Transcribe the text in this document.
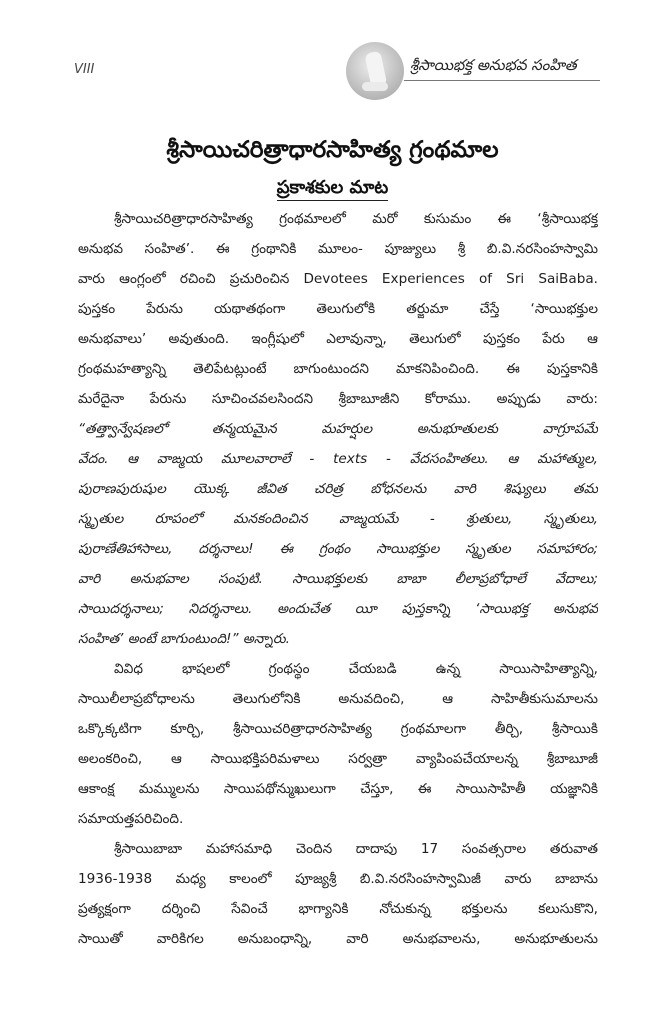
VIII	శ్రీసాయిభక్త అనుభవ సంహిత
శ్రీసాయిచరిత్రాధారసాహిత్య గ్రంథమాల
ప్రకాశకుల మాట
శ్రీసాయిచరిత్రాధారసాహిత్య గ్రంథమాలలో మరో కుసుమం ఈ ‘శ్రీసాయిభక్త
అనుభవ సంహిత’. ఈ గ్రంథానికి మూలం- పూజ్యులు శ్రీ బి.వి.నరసింహస్వామి
వారు ఆంగ్లంలో రచించి ప్రచురించిన Devotees Experiences of Sri SaiBaba.
పుస్తకం పేరును యథాతథంగా తెలుగులోకి తర్జుమా చేస్తే ‘సాయిభక్తుల
అనుభవాలు’ అవుతుంది. ఇంగ్లీషులో ఎలావున్నా, తెలుగులో పుస్తకం పేరు ఆ
గ్రంథమహత్యాన్ని తెలిపేటట్లుంటే బాగుంటుందని మాకనిపించింది. ఈ పుస్తకానికి
మరేదైనా పేరును సూచించవలసిందని శ్రీబాబూజీని కోరాము. అప్పుడు వారు:
“తత్త్వాన్వేషణలో తన్మయమైన మహర్షుల అనుభూతులకు వాగ్రూపమే
వేదం. ఆ వాఙ్మయ మూలవారాలే - texts - వేదసంహితలు. ఆ మహాత్ముల,
పురాణపురుషుల యొక్క జీవిత చరిత్ర బోధనలను వారి శిష్యులు తమ
స్మృతుల రూపంలో మనకందించిన వాఙ్మయమే - శ్రుతులు, స్మృతులు,
పురాణేతిహాసాలు, దర్శనాలు! ఈ గ్రంథం సాయిభక్తుల స్మృతుల సమాహారం;
వారి అనుభవాల సంపుటి. సాయిభక్తులకు బాబా లీలాప్రబోధాలే వేదాలు;
సాయిదర్శనాలు; నిదర్శనాలు. అందుచేత యీ పుస్తకాన్ని ‘సాయిభక్త అనుభవ
సంహిత’ అంటే బాగుంటుంది!” అన్నారు.
వివిధ భాషలలో గ్రంథస్థం చేయబడి ఉన్న సాయిసాహిత్యాన్ని,
సాయిలీలాప్రబోధాలను తెలుగులోనికి అనువదించి, ఆ సాహితీకుసుమాలను
ఒక్కొక్కటిగా కూర్చి, శ్రీసాయిచరిత్రాధారసాహిత్య గ్రంథమాలగా తీర్చి, శ్రీసాయికి
అలంకరించి, ఆ సాయిభక్తిపరిమళాలు సర్వత్రా వ్యాపింపచేయాలన్న శ్రీబాబూజీ
ఆకాంక్ష మమ్ములను సాయిపథోన్ముఖులుగా చేస్తూ, ఈ సాయిసాహితీ యజ్ఞానికి
సమాయత్తపరిచింది.
శ్రీసాయిబాబా మహాసమాధి చెందిన దాదాపు 17 సంవత్సరాల తరువాత
1936-1938 మధ్య కాలంలో పూజ్యశ్రీ బి.వి.నరసింహస్వామిజీ వారు బాబాను
ప్రత్యక్షంగా దర్శించి సేవించే భాగ్యానికి నోచుకున్న భక్తులను కలుసుకొని,
సాయితో వారికిగల అనుబంధాన్ని, వారి అనుభవాలను, అనుభూతులను
